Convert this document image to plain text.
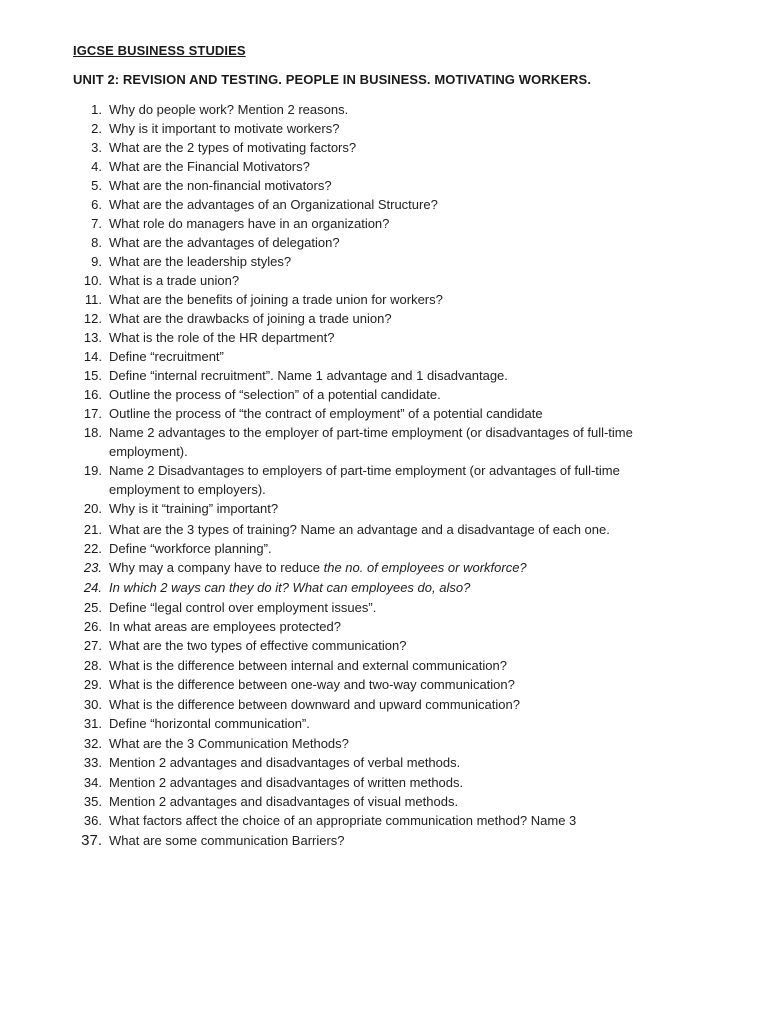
IGCSE BUSINESS STUDIES
UNIT 2: REVISION AND TESTING. PEOPLE IN BUSINESS. MOTIVATING WORKERS.
1. Why do people work? Mention 2 reasons.
2. Why is it important to motivate workers?
3. What are the 2 types of motivating factors?
4. What are the Financial Motivators?
5. What are the non-financial motivators?
6. What are the advantages of an Organizational Structure?
7. What role do managers have in an organization?
8. What are the advantages of delegation?
9. What are the leadership styles?
10. What is a trade union?
11. What are the benefits of joining a trade union for workers?
12. What are the drawbacks of joining a trade union?
13. What is the role of the HR department?
14. Define “recruitment”
15. Define “internal recruitment”. Name 1 advantage and 1 disadvantage.
16. Outline the process of “selection” of a potential candidate.
17. Outline the process of “the contract of employment” of a potential candidate
18. Name 2 advantages to the employer of part-time employment (or disadvantages of full-time employment).
19. Name 2 Disadvantages to employers of part-time employment (or advantages of full-time employment to employers).
20. Why is it “training” important?
21. What are the 3 types of training? Name an advantage and a disadvantage of each one.
22. Define “workforce planning”.
23. Why may a company have to reduce the no. of employees or workforce?
24. In which 2 ways can they do it? What can employees do, also?
25. Define “legal control over employment issues”.
26. In what areas are employees protected?
27. What are the two types of effective communication?
28. What is the difference between internal and external communication?
29. What is the difference between one-way and two-way communication?
30. What is the difference between downward and upward communication?
31. Define “horizontal communication”.
32. What are the 3 Communication Methods?
33. Mention 2 advantages and disadvantages of verbal methods.
34. Mention 2 advantages and disadvantages of written methods.
35. Mention 2 advantages and disadvantages of visual methods.
36. What factors affect the choice of an appropriate communication method? Name 3
37. What are some communication Barriers?
